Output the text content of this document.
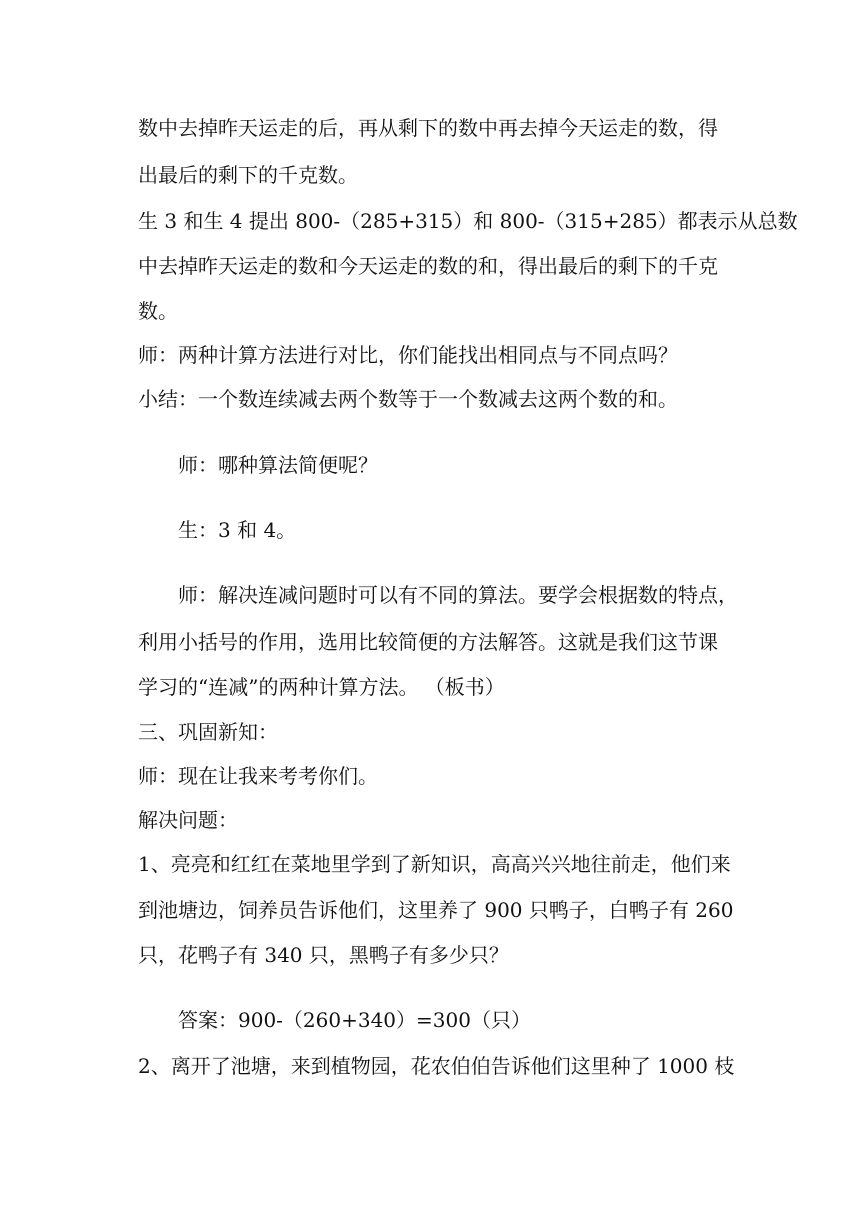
数中去掉昨天运走的后，再从剩下的数中再去掉今天运走的数，得
出最后的剩下的千克数。
生 3 和生 4 提出 800-（285+315）和 800-（315+285）都表示从总数
中去掉昨天运走的数和今天运走的数的和，得出最后的剩下的千克
数。
师：两种计算方法进行对比，你们能找出相同点与不同点吗？
小结：一个数连续减去两个数等于一个数减去这两个数的和。
师：哪种算法简便呢？
生：3 和 4。
师：解决连减问题时可以有不同的算法。要学会根据数的特点，
利用小括号的作用，选用比较简便的方法解答。这就是我们这节课
学习的“连减”的两种计算方法。 （板书）
三、巩固新知：
师：现在让我来考考你们。
解决问题：
1、亮亮和红红在菜地里学到了新知识，高高兴兴地往前走，他们来
到池塘边，饲养员告诉他们，这里养了 900 只鸭子，白鸭子有 260
只，花鸭子有 340 只，黑鸭子有多少只？
答案：900-（260+340）=300（只）
2、离开了池塘，来到植物园，花农伯伯告诉他们这里种了 1000 枝
